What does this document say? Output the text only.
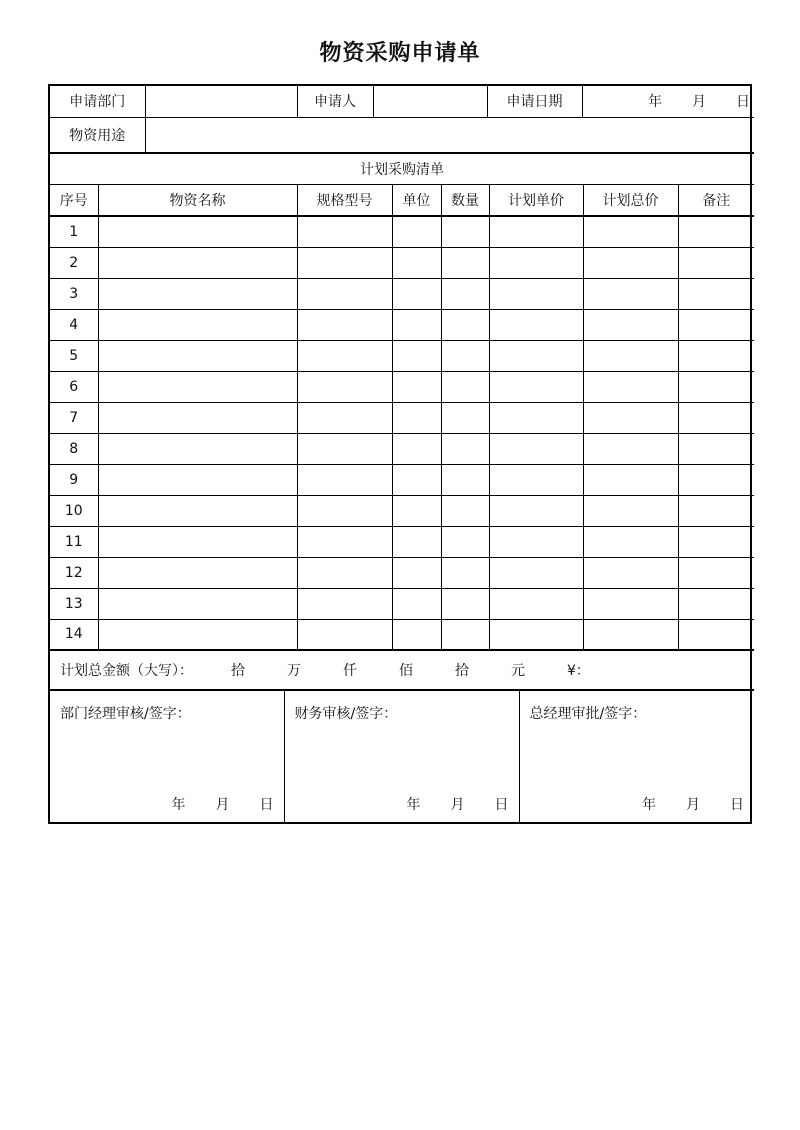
物资采购申请单
申请部门		申请人		申请日期	年 月 日
物资用途					
计划采购清单							
序号	物资名称	规格型号	单位	数量	计划单价	计划总价	备注
1							
2							
3							
4							
5							
6							
7							
8							
9							
10							
11							
12							
13							
14							
计划总金额（大写）： 拾 万 仟 佰 拾 元 ¥：							
部门经理审核/签字：
年 月 日
	财务审核/签字：
年 月 日
	总经理审批/签字：
年 月 日
